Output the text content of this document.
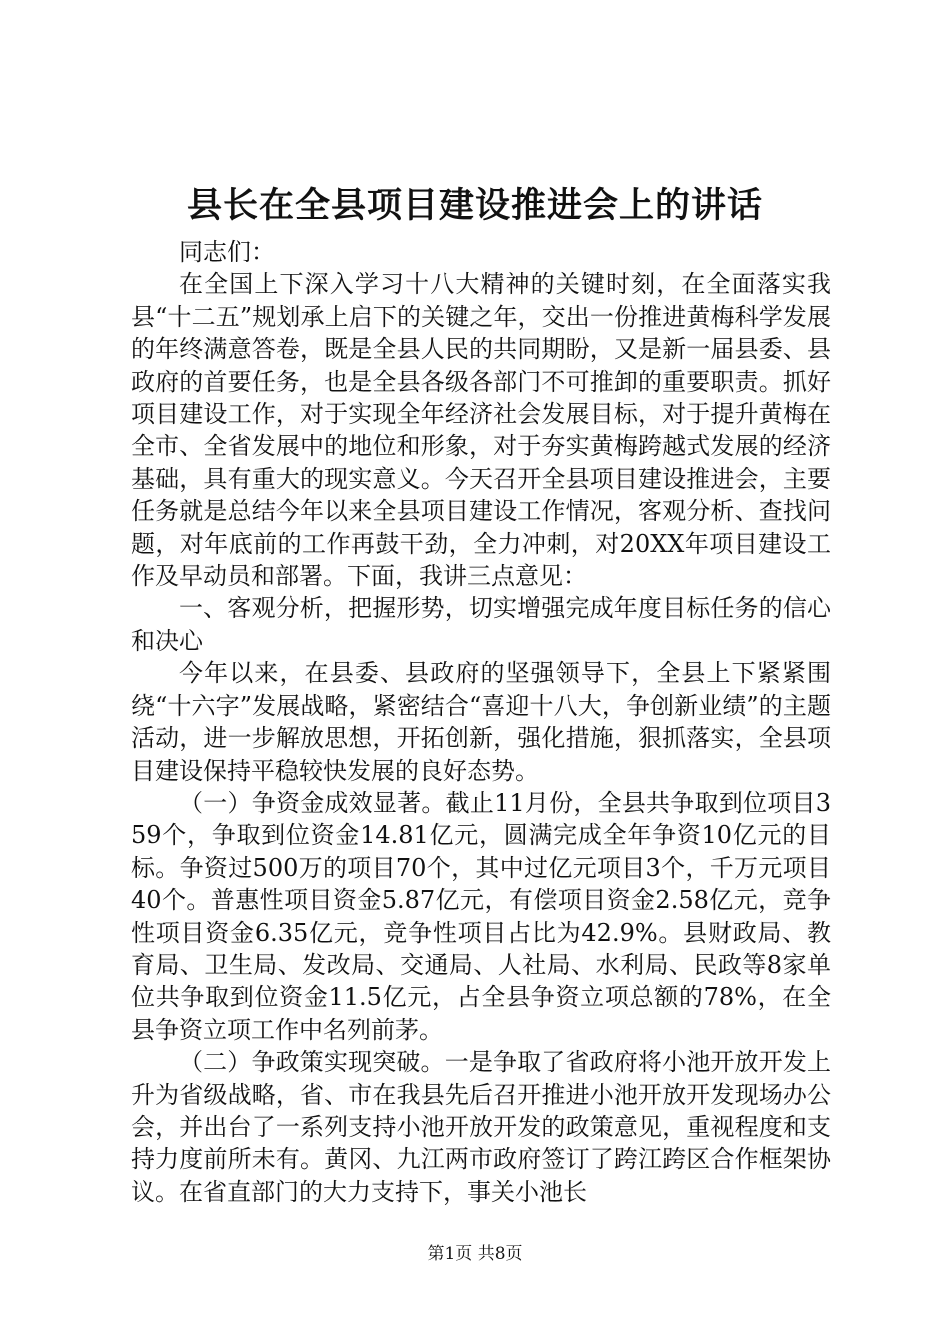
县长在全县项目建设推进会上的讲话

同志们：

在全国上下深入学习十八大精神的关键时刻，在全面落实我县“十二五”规划承上启下的关键之年，交出一份推进黄梅科学发展的年终满意答卷，既是全县人民的共同期盼，又是新一届县委、县政府的首要任务，也是全县各级各部门不可推卸的重要职责。抓好项目建设工作，对于实现全年经济社会发展目标，对于提升黄梅在全市、全省发展中的地位和形象，对于夯实黄梅跨越式发展的经济基础，具有重大的现实意义。今天召开全县项目建设推进会，主要任务就是总结今年以来全县项目建设工作情况，客观分析、查找问题，对年底前的工作再鼓干劲，全力冲刺，对20XX年项目建设工作及早动员和部署。下面，我讲三点意见：

一、客观分析，把握形势，切实增强完成年度目标任务的信心和决心

今年以来，在县委、县政府的坚强领导下，全县上下紧紧围绕“十六字”发展战略，紧密结合“喜迎十八大，争创新业绩”的主题活动，进一步解放思想，开拓创新，强化措施，狠抓落实，全县项目建设保持平稳较快发展的良好态势。

（一）争资金成效显著。截止11月份，全县共争取到位项目359个，争取到位资金14.81亿元，圆满完成全年争资10亿元的目标。争资过500万的项目70个，其中过亿元项目3个，千万元项目40个。普惠性项目资金5.87亿元，有偿项目资金2.58亿元，竞争性项目资金6.35亿元，竞争性项目占比为42.9%。县财政局、教育局、卫生局、发改局、交通局、人社局、水利局、民政等8家单位共争取到位资金11.5亿元，占全县争资立项总额的78%，在全县争资立项工作中名列前茅。

（二）争政策实现突破。一是争取了省政府将小池开放开发上升为省级战略，省、市在我县先后召开推进小池开放开发现场办公会，并出台了一系列支持小池开放开发的政策意见，重视程度和支持力度前所未有。黄冈、九江两市政府签订了跨江跨区合作框架协议。在省直部门的大力支持下，事关小池长

第1页 共8页
